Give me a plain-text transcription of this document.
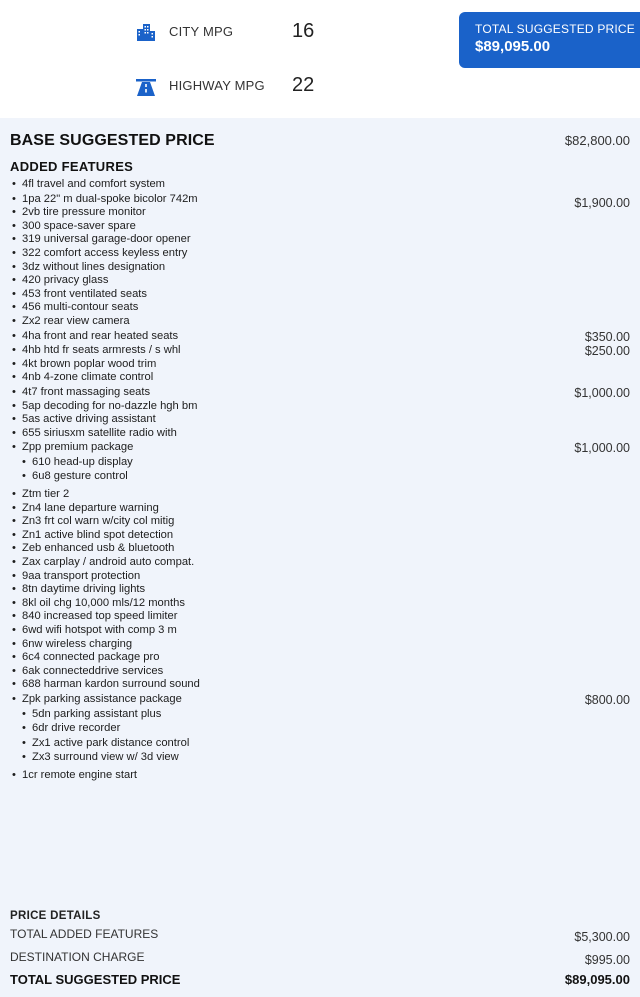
CITY MPG	16
HIGHWAY MPG	22
TOTAL SUGGESTED PRICE
$89,095.00
BASE SUGGESTED PRICE	$82,800.00
ADDED FEATURES
• 4fl travel and comfort system
• 1pa 22" m dual-spoke bicolor 742m	$1,900.00
• 2vb tire pressure monitor
• 300 space-saver spare
• 319 universal garage-door opener
• 322 comfort access keyless entry
• 3dz without lines designation
• 420 privacy glass
• 453 front ventilated seats
• 456 multi-contour seats
• Zx2 rear view camera
• 4ha front and rear heated seats	$350.00
• 4hb htd fr seats armrests / s whl	$250.00
• 4kt brown poplar wood trim
• 4nb 4-zone climate control
• 4t7 front massaging seats	$1,000.00
• 5ap decoding for no-dazzle hgh bm
• 5as active driving assistant
• 655 siriusxm satellite radio with
• Zpp premium package	$1,000.00
• 610 head-up display
• 6u8 gesture control
• Ztm tier 2
• Zn4 lane departure warning
• Zn3 frt col warn w/city col mitig
• Zn1 active blind spot detection
• Zeb enhanced usb & bluetooth
• Zax carplay / android auto compat.
• 9aa transport protection
• 8tn daytime driving lights
• 8kl oil chg 10,000 mls/12 months
• 840 increased top speed limiter
• 6wd wifi hotspot with comp 3 m
• 6nw wireless charging
• 6c4 connected package pro
• 6ak connecteddrive services
• 688 harman kardon surround sound
• Zpk parking assistance package	$800.00
• 5dn parking assistant plus
• 6dr drive recorder
• Zx1 active park distance control
• Zx3 surround view w/ 3d view
• 1cr remote engine start
PRICE DETAILS
TOTAL ADDED FEATURES	$5,300.00
DESTINATION CHARGE	$995.00
TOTAL SUGGESTED PRICE	$89,095.00
